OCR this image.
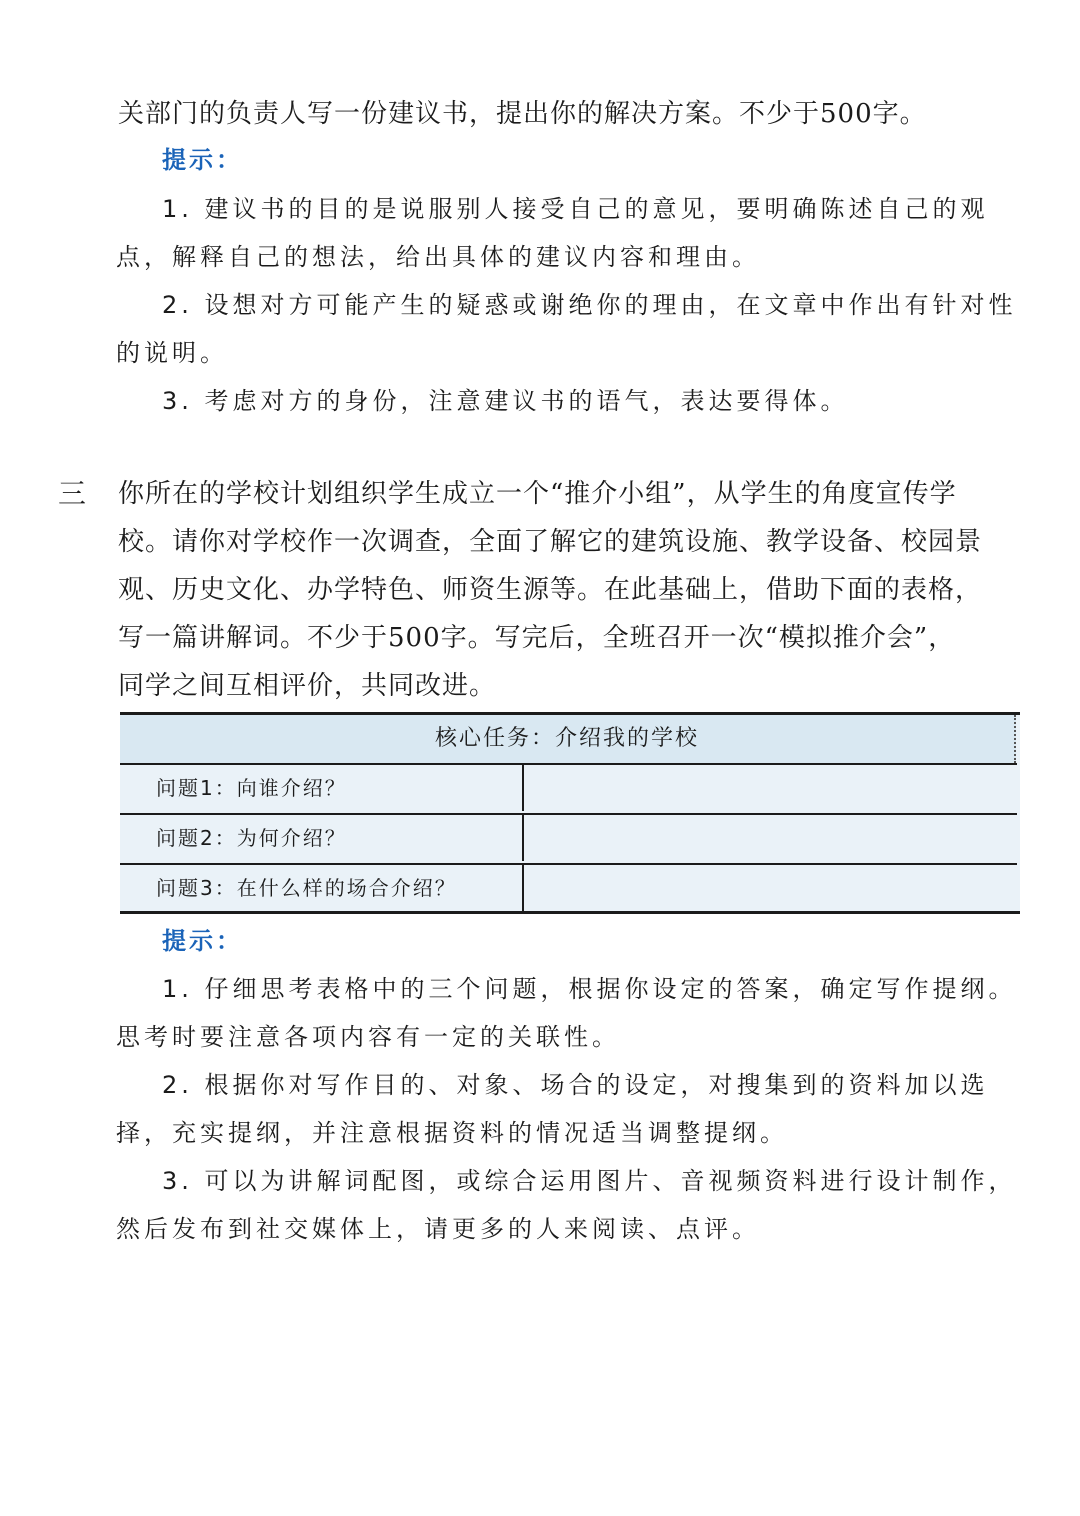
关部门的负责人写一份建议书，提出你的解决方案。不少于500字。
提示：
1. 建议书的目的是说服别人接受自己的意见，要明确陈述自己的观
点，解释自己的想法，给出具体的建议内容和理由。
2. 设想对方可能产生的疑惑或谢绝你的理由，在文章中作出有针对性
的说明。
3. 考虑对方的身份，注意建议书的语气，表达要得体。
三 你所在的学校计划组织学生成立一个“推介小组”，从学生的角度宣传学
校。请你对学校作一次调查，全面了解它的建筑设施、教学设备、校园景
观、历史文化、办学特色、师资生源等。在此基础上，借助下面的表格，
写一篇讲解词。不少于500字。写完后，全班召开一次“模拟推介会”，
同学之间互相评价，共同改进。
核心任务：介绍我的学校
问题1：向谁介绍？
问题2：为何介绍？
问题3：在什么样的场合介绍？
提示：
1. 仔细思考表格中的三个问题，根据你设定的答案，确定写作提纲。
思考时要注意各项内容有一定的关联性。
2. 根据你对写作目的、对象、场合的设定，对搜集到的资料加以选
择，充实提纲，并注意根据资料的情况适当调整提纲。
3. 可以为讲解词配图，或综合运用图片、音视频资料进行设计制作，
然后发布到社交媒体上，请更多的人来阅读、点评。
